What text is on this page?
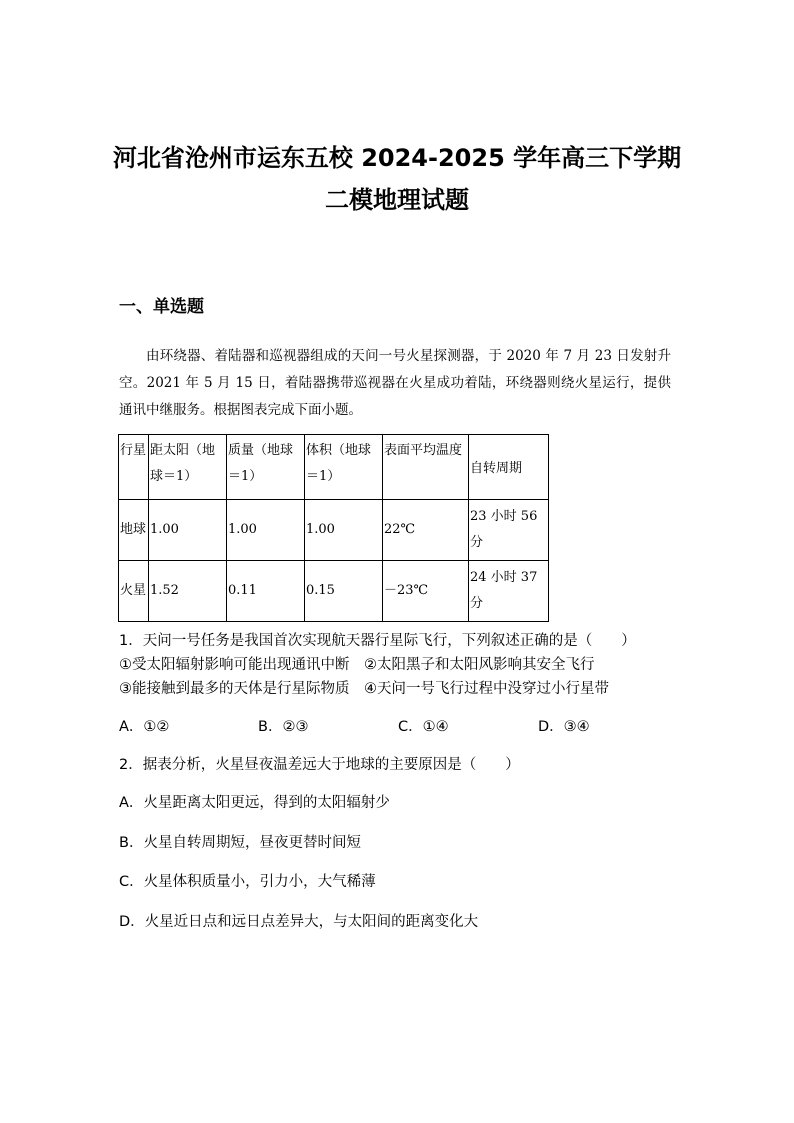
河北省沧州市运东五校 2024-2025 学年高三下学期
二模地理试题
一、单选题
由环绕器、着陆器和巡视器组成的天问一号火星探测器，于 2020 年 7 月 23 日发射升空。2021 年 5 月 15 日，着陆器携带巡视器在火星成功着陆，环绕器则绕火星运行，提供通讯中继服务。根据图表完成下面小题。
行星	距太阳（地球＝1）	质量（地球＝1）	体积（地球＝1）	表面平均温度	自转周期
地球	1.00	1.00	1.00	22℃	23 小时 56 分
火星	1.52	0.11	0.15	－23℃	24 小时 37 分
1．天问一号任务是我国首次实现航天器行星际飞行，下列叙述正确的是（　　）
①受太阳辐射影响可能出现通讯中断　②太阳黑子和太阳风影响其安全飞行
③能接触到最多的天体是行星际物质　④天问一号飞行过程中没穿过小行星带
A．①②	B．②③	C．①④	D．③④
2．据表分析，火星昼夜温差远大于地球的主要原因是（　　）
A．火星距离太阳更远，得到的太阳辐射少
B．火星自转周期短，昼夜更替时间短
C．火星体积质量小，引力小，大气稀薄
D．火星近日点和远日点差异大，与太阳间的距离变化大
